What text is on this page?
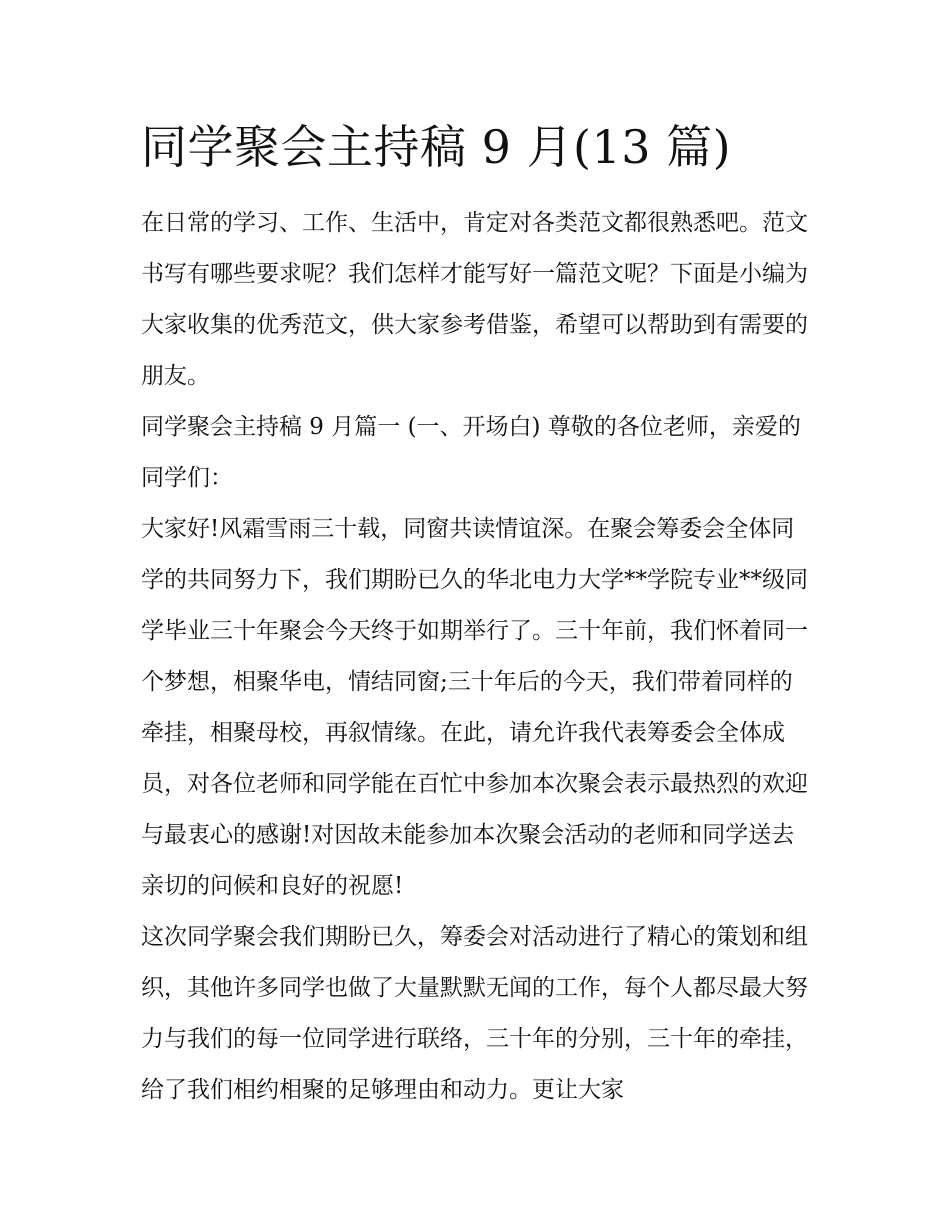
同学聚会主持稿 9 月(13 篇)

在日常的学习、工作、生活中，肯定对各类范文都很熟悉吧。范文书写有哪些要求呢？我们怎样才能写好一篇范文呢？下面是小编为大家收集的优秀范文，供大家参考借鉴，希望可以帮助到有需要的朋友。

同学聚会主持稿 9 月篇一 (一、开场白) 尊敬的各位老师，亲爱的同学们：

大家好!风霜雪雨三十载，同窗共读情谊深。在聚会筹委会全体同学的共同努力下，我们期盼已久的华北电力大学**学院专业**级同学毕业三十年聚会今天终于如期举行了。三十年前，我们怀着同一个梦想，相聚华电，情结同窗;三十年后的今天，我们带着同样的牵挂，相聚母校，再叙情缘。在此，请允许我代表筹委会全体成员，对各位老师和同学能在百忙中参加本次聚会表示最热烈的欢迎与最衷心的感谢!对因故未能参加本次聚会活动的老师和同学送去亲切的问候和良好的祝愿!

这次同学聚会我们期盼已久，筹委会对活动进行了精心的策划和组织，其他许多同学也做了大量默默无闻的工作，每个人都尽最大努力与我们的每一位同学进行联络，三十年的分别，三十年的牵挂，给了我们相约相聚的足够理由和动力。更让大家
